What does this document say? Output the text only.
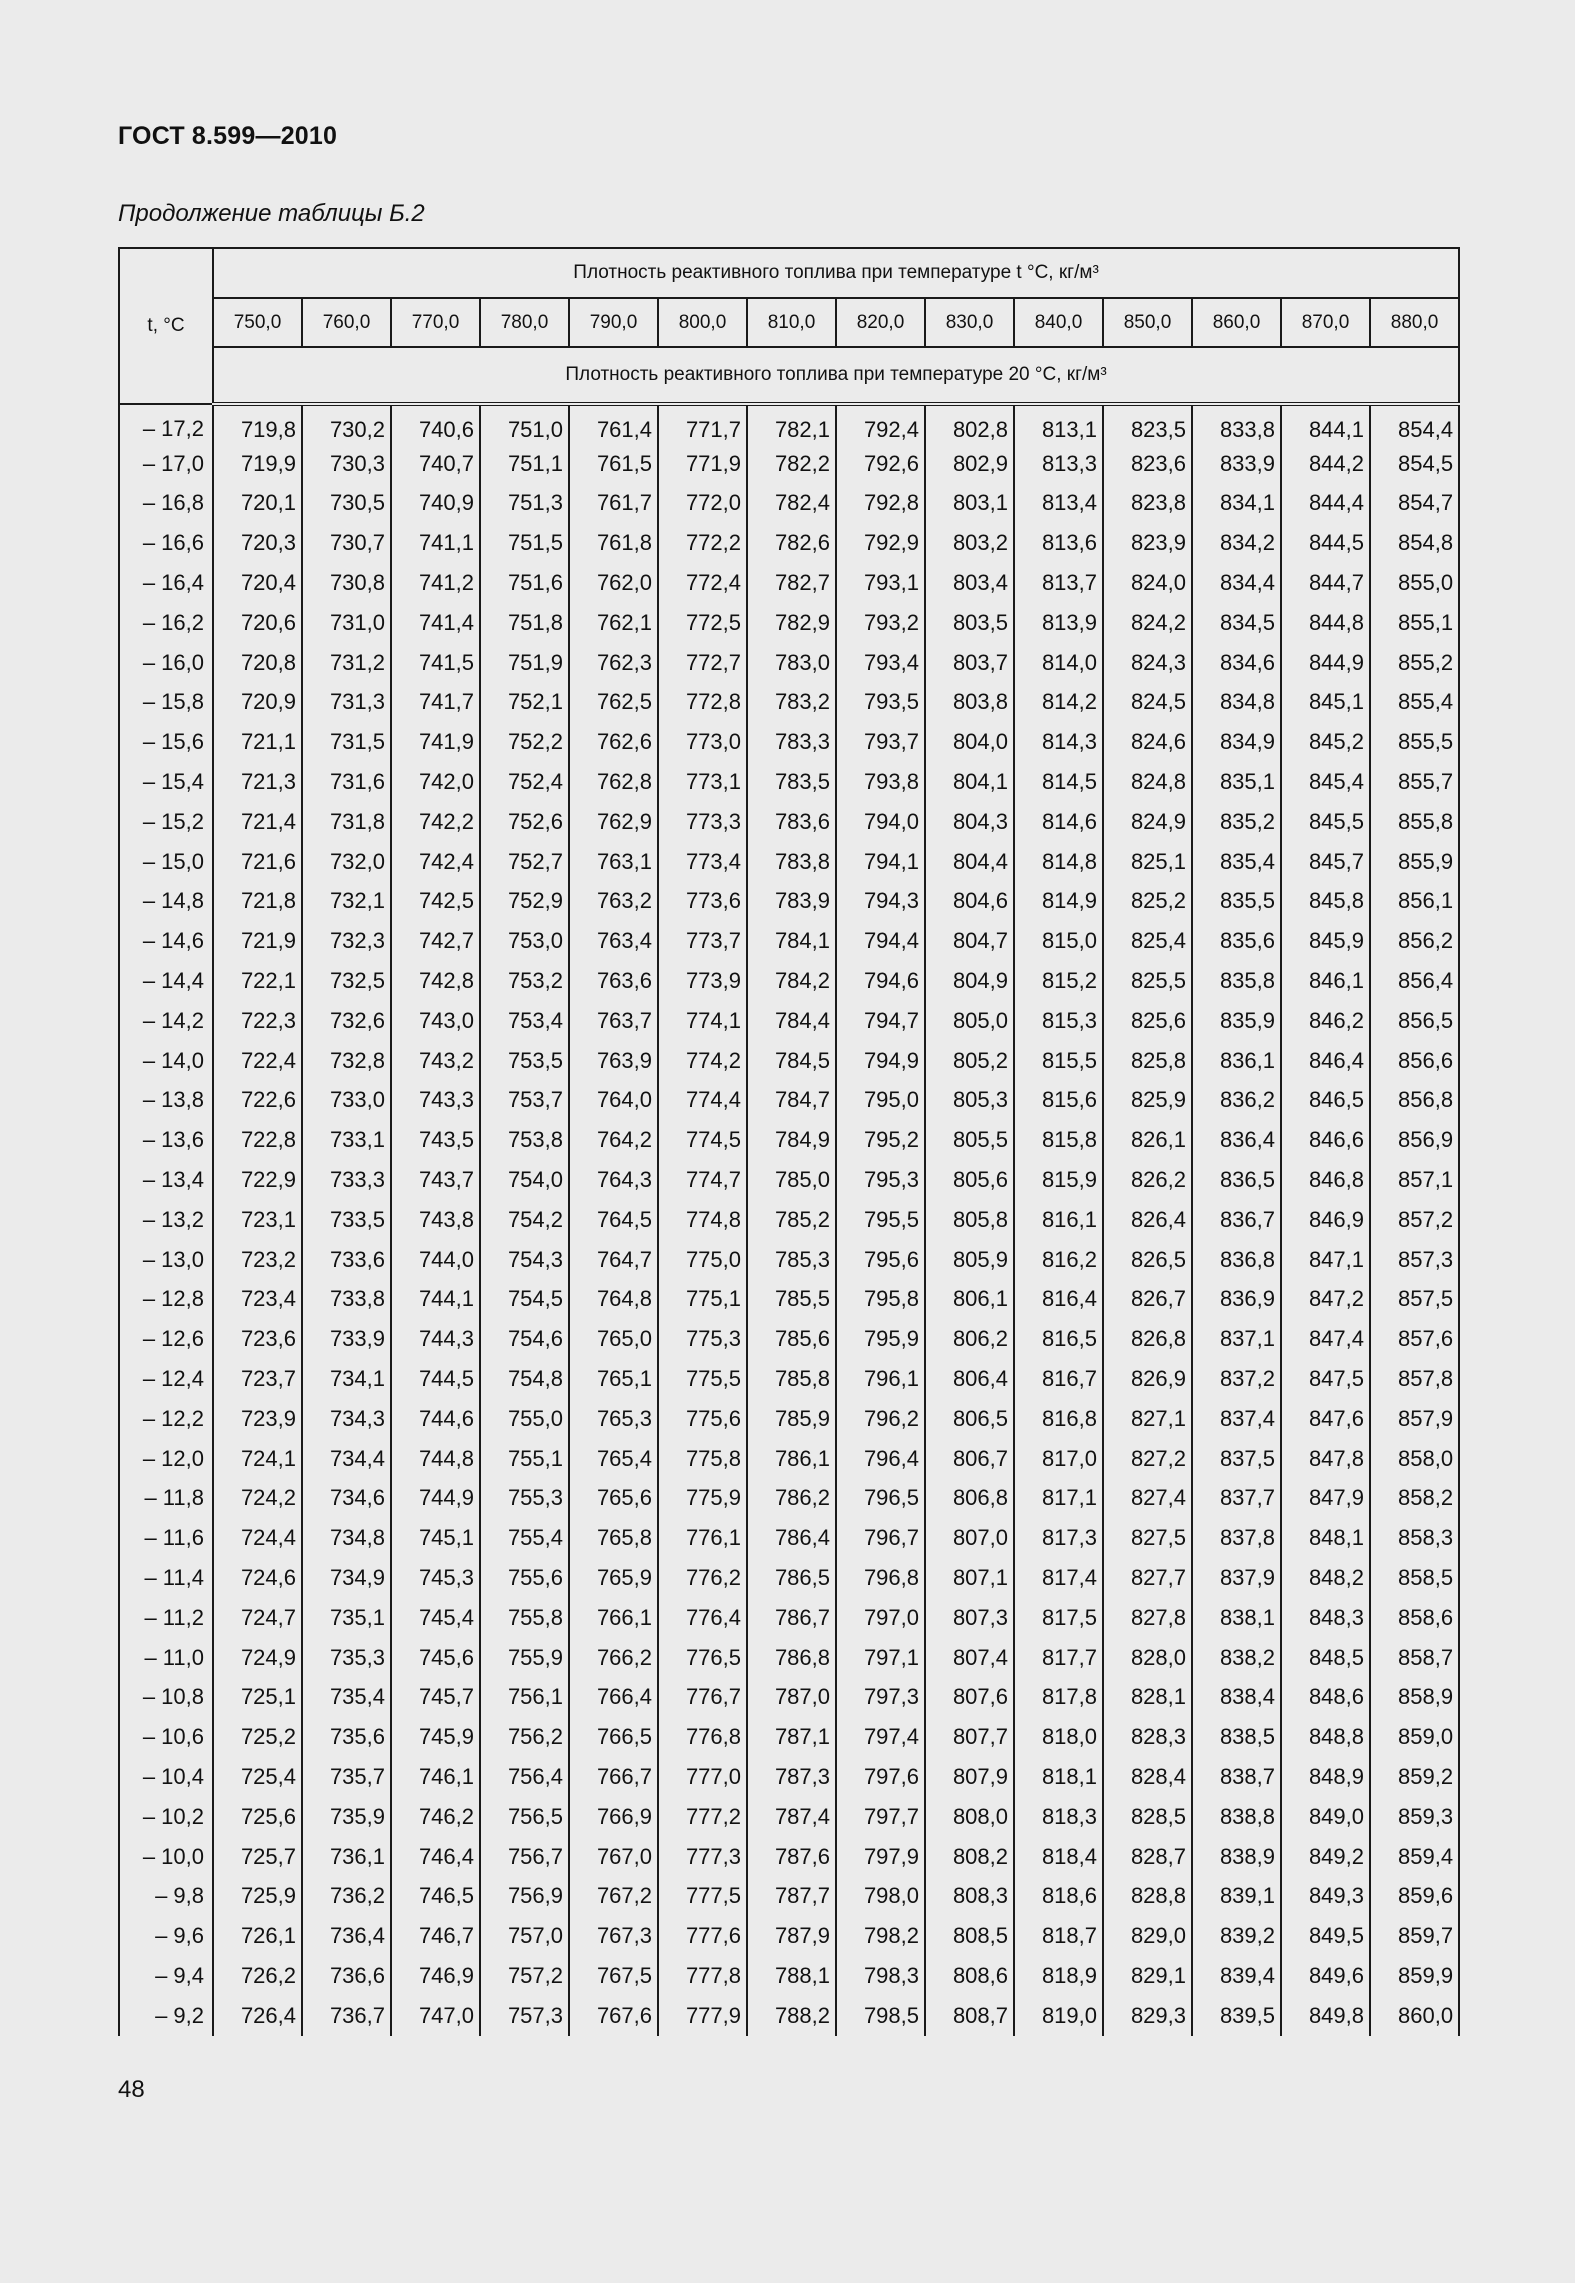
ГОСТ 8.599—2010
Продолжение таблицы Б.2
t, °С	Плотность реактивного топлива при температуре t °С, кг/м³													
	750,0	760,0	770,0	780,0	790,0	800,0	810,0	820,0	830,0	840,0	850,0	860,0	870,0	880,0
	Плотность реактивного топлива при температуре 20 °С, кг/м³													
– 17,2	719,8	730,2	740,6	751,0	761,4	771,7	782,1	792,4	802,8	813,1	823,5	833,8	844,1	854,4
– 17,0	719,9	730,3	740,7	751,1	761,5	771,9	782,2	792,6	802,9	813,3	823,6	833,9	844,2	854,5
– 16,8	720,1	730,5	740,9	751,3	761,7	772,0	782,4	792,8	803,1	813,4	823,8	834,1	844,4	854,7
– 16,6	720,3	730,7	741,1	751,5	761,8	772,2	782,6	792,9	803,2	813,6	823,9	834,2	844,5	854,8
– 16,4	720,4	730,8	741,2	751,6	762,0	772,4	782,7	793,1	803,4	813,7	824,0	834,4	844,7	855,0
– 16,2	720,6	731,0	741,4	751,8	762,1	772,5	782,9	793,2	803,5	813,9	824,2	834,5	844,8	855,1
– 16,0	720,8	731,2	741,5	751,9	762,3	772,7	783,0	793,4	803,7	814,0	824,3	834,6	844,9	855,2
– 15,8	720,9	731,3	741,7	752,1	762,5	772,8	783,2	793,5	803,8	814,2	824,5	834,8	845,1	855,4
– 15,6	721,1	731,5	741,9	752,2	762,6	773,0	783,3	793,7	804,0	814,3	824,6	834,9	845,2	855,5
– 15,4	721,3	731,6	742,0	752,4	762,8	773,1	783,5	793,8	804,1	814,5	824,8	835,1	845,4	855,7
– 15,2	721,4	731,8	742,2	752,6	762,9	773,3	783,6	794,0	804,3	814,6	824,9	835,2	845,5	855,8
– 15,0	721,6	732,0	742,4	752,7	763,1	773,4	783,8	794,1	804,4	814,8	825,1	835,4	845,7	855,9
– 14,8	721,8	732,1	742,5	752,9	763,2	773,6	783,9	794,3	804,6	814,9	825,2	835,5	845,8	856,1
– 14,6	721,9	732,3	742,7	753,0	763,4	773,7	784,1	794,4	804,7	815,0	825,4	835,6	845,9	856,2
– 14,4	722,1	732,5	742,8	753,2	763,6	773,9	784,2	794,6	804,9	815,2	825,5	835,8	846,1	856,4
– 14,2	722,3	732,6	743,0	753,4	763,7	774,1	784,4	794,7	805,0	815,3	825,6	835,9	846,2	856,5
– 14,0	722,4	732,8	743,2	753,5	763,9	774,2	784,5	794,9	805,2	815,5	825,8	836,1	846,4	856,6
– 13,8	722,6	733,0	743,3	753,7	764,0	774,4	784,7	795,0	805,3	815,6	825,9	836,2	846,5	856,8
– 13,6	722,8	733,1	743,5	753,8	764,2	774,5	784,9	795,2	805,5	815,8	826,1	836,4	846,6	856,9
– 13,4	722,9	733,3	743,7	754,0	764,3	774,7	785,0	795,3	805,6	815,9	826,2	836,5	846,8	857,1
– 13,2	723,1	733,5	743,8	754,2	764,5	774,8	785,2	795,5	805,8	816,1	826,4	836,7	846,9	857,2
– 13,0	723,2	733,6	744,0	754,3	764,7	775,0	785,3	795,6	805,9	816,2	826,5	836,8	847,1	857,3
– 12,8	723,4	733,8	744,1	754,5	764,8	775,1	785,5	795,8	806,1	816,4	826,7	836,9	847,2	857,5
– 12,6	723,6	733,9	744,3	754,6	765,0	775,3	785,6	795,9	806,2	816,5	826,8	837,1	847,4	857,6
– 12,4	723,7	734,1	744,5	754,8	765,1	775,5	785,8	796,1	806,4	816,7	826,9	837,2	847,5	857,8
– 12,2	723,9	734,3	744,6	755,0	765,3	775,6	785,9	796,2	806,5	816,8	827,1	837,4	847,6	857,9
– 12,0	724,1	734,4	744,8	755,1	765,4	775,8	786,1	796,4	806,7	817,0	827,2	837,5	847,8	858,0
– 11,8	724,2	734,6	744,9	755,3	765,6	775,9	786,2	796,5	806,8	817,1	827,4	837,7	847,9	858,2
– 11,6	724,4	734,8	745,1	755,4	765,8	776,1	786,4	796,7	807,0	817,3	827,5	837,8	848,1	858,3
– 11,4	724,6	734,9	745,3	755,6	765,9	776,2	786,5	796,8	807,1	817,4	827,7	837,9	848,2	858,5
– 11,2	724,7	735,1	745,4	755,8	766,1	776,4	786,7	797,0	807,3	817,5	827,8	838,1	848,3	858,6
– 11,0	724,9	735,3	745,6	755,9	766,2	776,5	786,8	797,1	807,4	817,7	828,0	838,2	848,5	858,7
– 10,8	725,1	735,4	745,7	756,1	766,4	776,7	787,0	797,3	807,6	817,8	828,1	838,4	848,6	858,9
– 10,6	725,2	735,6	745,9	756,2	766,5	776,8	787,1	797,4	807,7	818,0	828,3	838,5	848,8	859,0
– 10,4	725,4	735,7	746,1	756,4	766,7	777,0	787,3	797,6	807,9	818,1	828,4	838,7	848,9	859,2
– 10,2	725,6	735,9	746,2	756,5	766,9	777,2	787,4	797,7	808,0	818,3	828,5	838,8	849,0	859,3
– 10,0	725,7	736,1	746,4	756,7	767,0	777,3	787,6	797,9	808,2	818,4	828,7	838,9	849,2	859,4
– 9,8	725,9	736,2	746,5	756,9	767,2	777,5	787,7	798,0	808,3	818,6	828,8	839,1	849,3	859,6
– 9,6	726,1	736,4	746,7	757,0	767,3	777,6	787,9	798,2	808,5	818,7	829,0	839,2	849,5	859,7
– 9,4	726,2	736,6	746,9	757,2	767,5	777,8	788,1	798,3	808,6	818,9	829,1	839,4	849,6	859,9
– 9,2	726,4	736,7	747,0	757,3	767,6	777,9	788,2	798,5	808,7	819,0	829,3	839,5	849,8	860,0
48
